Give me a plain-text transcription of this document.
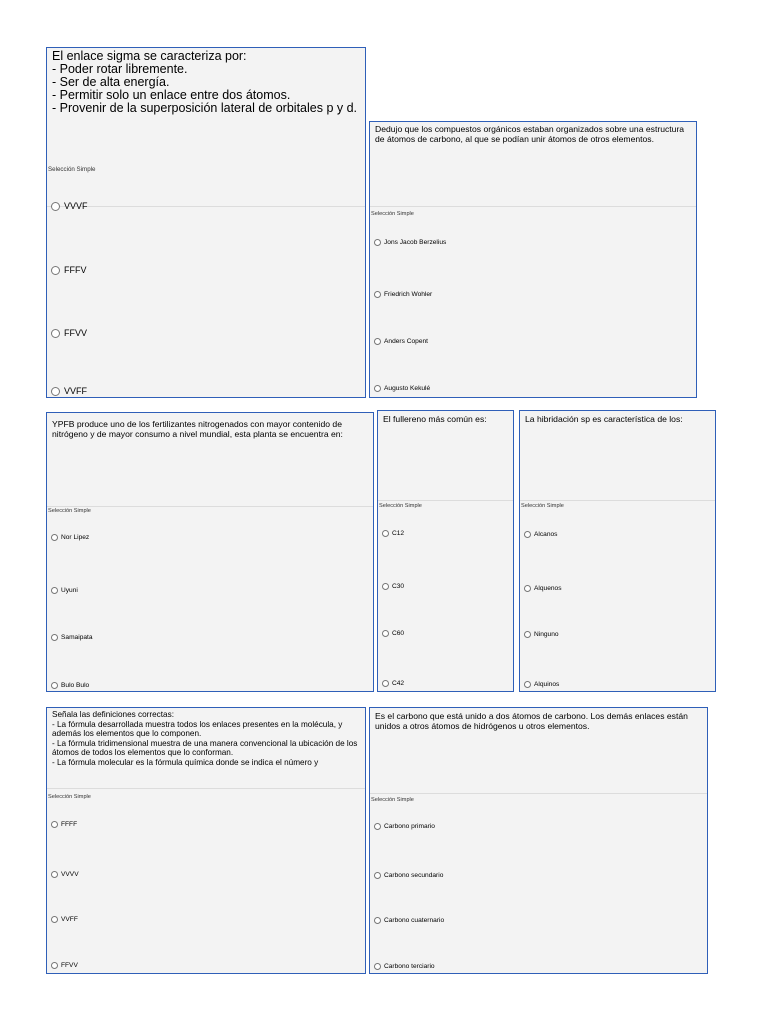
El enlace sigma se caracteriza por:
- Poder rotar libremente.
- Ser de alta energía.
- Permitir solo un enlace entre dos átomos.
- Provenir de la superposición lateral de orbitales p y d.
Selección Simple
VVVF
FFFV
FFVV
VVFF
Dedujo que los compuestos orgánicos estaban organizados sobre una estructura de átomos de carbono, al que se podían unir átomos de otros elementos.
Selección Simple
Jons Jacob Berzelius
Friedrich Wohler
Anders Copent
Augusto Kekulé
YPFB produce uno de los fertilizantes nitrogenados con mayor contenido de nitrógeno y de mayor consumo a nivel mundial, esta planta se encuentra en:
Selección Simple
Nor Lipez
Uyuni
Samaipata
Bulo Bulo
El fullereno más común es:
Selección Simple
C12
C30
C60
C42
La hibridación sp es característica de los:
Selección Simple
Alcanos
Alquenos
Ninguno
Alquinos
Señala las definiciones correctas:
- La fórmula desarrollada muestra todos los enlaces presentes en la molécula, y además los elementos que lo componen.
- La fórmula tridimensional muestra de una manera convencional la ubicación de los átomos de todos los elementos que lo conforman.
- La fórmula molecular es la fórmula química donde se indica el número y
Selección Simple
FFFF
VVVV
VVFF
FFVV
Es el carbono que está unido a dos átomos de carbono. Los demás enlaces están unidos a otros átomos de hidrógenos u otros elementos.
Selección Simple
Carbono primario
Carbono secundario
Carbono cuaternario
Carbono terciario
